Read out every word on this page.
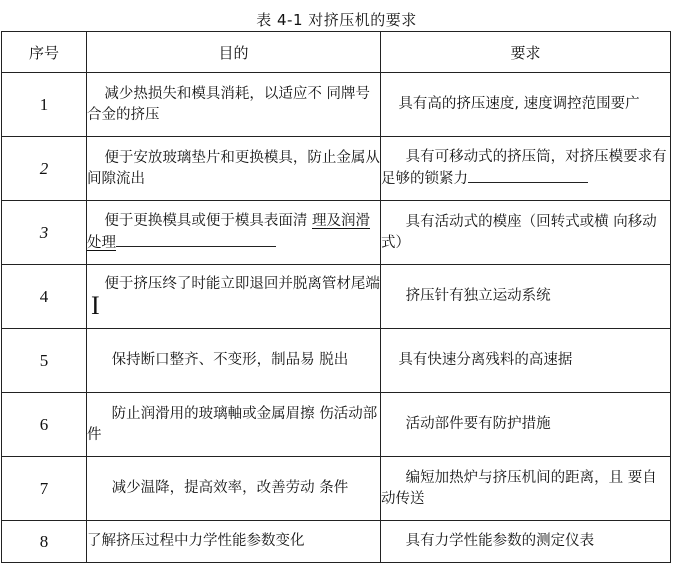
表 4-1 对挤压机的要求
序号	目的	要求
1	减少热损失和模具消耗，以适应不 同牌号合金的挤压	具有高的挤压速度, 速度调控范围要广
2	便于安放玻璃垫片和更换模具，防止金属从间隙流出	具有可移动式的挤压筒，对挤压模要求有足够的锁紧力
3	便于更换模具或便于模具表面清 理及润滑处理	具有活动式的模座（回转式或横 向移动式）
4	便于挤压终了时能立即退回并脱离管材尾端I	挤压针有独立运动系统
5	保持断口整齐、不变形，制品易 脱出	具有快速分离残料的高速据
6	防止润滑用的玻璃軸或金属眉擦 伤活动部件	活动部件要有防护措施
7	减少温降，提高效率，改善劳动 条件	编短加热炉与挤压机间的距离，且 要自动传送
8	了解挤压过程中力学性能参数变化	具有力学性能参数的测定仪表
